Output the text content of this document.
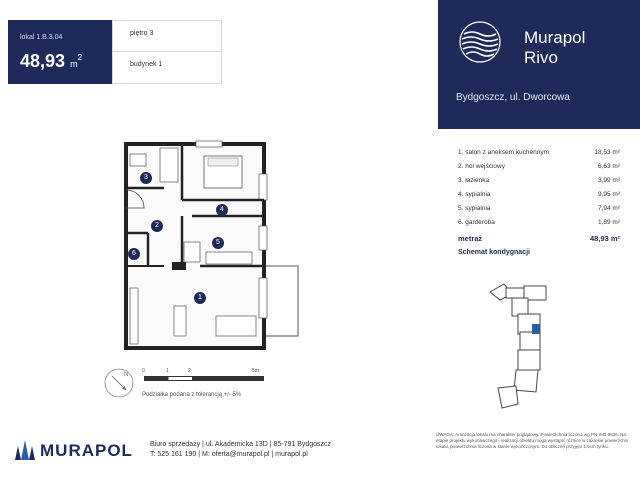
lokal 1.B.3.04
48,93 $m^2$
piętro 3
budynek 1
Murapol
Rivo
Bydgoszcz, ul. Dworcowa
1. salon z aneksem kuchennym	18,53 m²
2. hol wejściowy	6,63 m²
3. łazienka	3,99 m²
4. sypialnia	9,95 m²
5. sypialnia	7,94 m²
6. garderoba	1,89 m²
metraż	48,93 m²
Schemat kondygnacji
3
2
4
5
6
1
N
0	1	2	5m
Podziałka podana z tolerancją +/- 5%
MURAPOL Biuro sprzedaży | ul. Akademicka 13D | 85-791 Bydgoszcz
T: 525 161 190 | M: oferta@murapol.pl | murapol.pl
UWAGA: Aranżacja lokalu ma charakter poglądowy. Powierzchnia liczona wg PN-ISO 9836. Na etapie projektu wykonawczego i realizacji obiektu mogą wystąpić różnice w zakresie powierzchni lokalu, powierzchnia liczona w stanie wykończonym. Do obliczeń przyjęto 1,5cm tynku.
